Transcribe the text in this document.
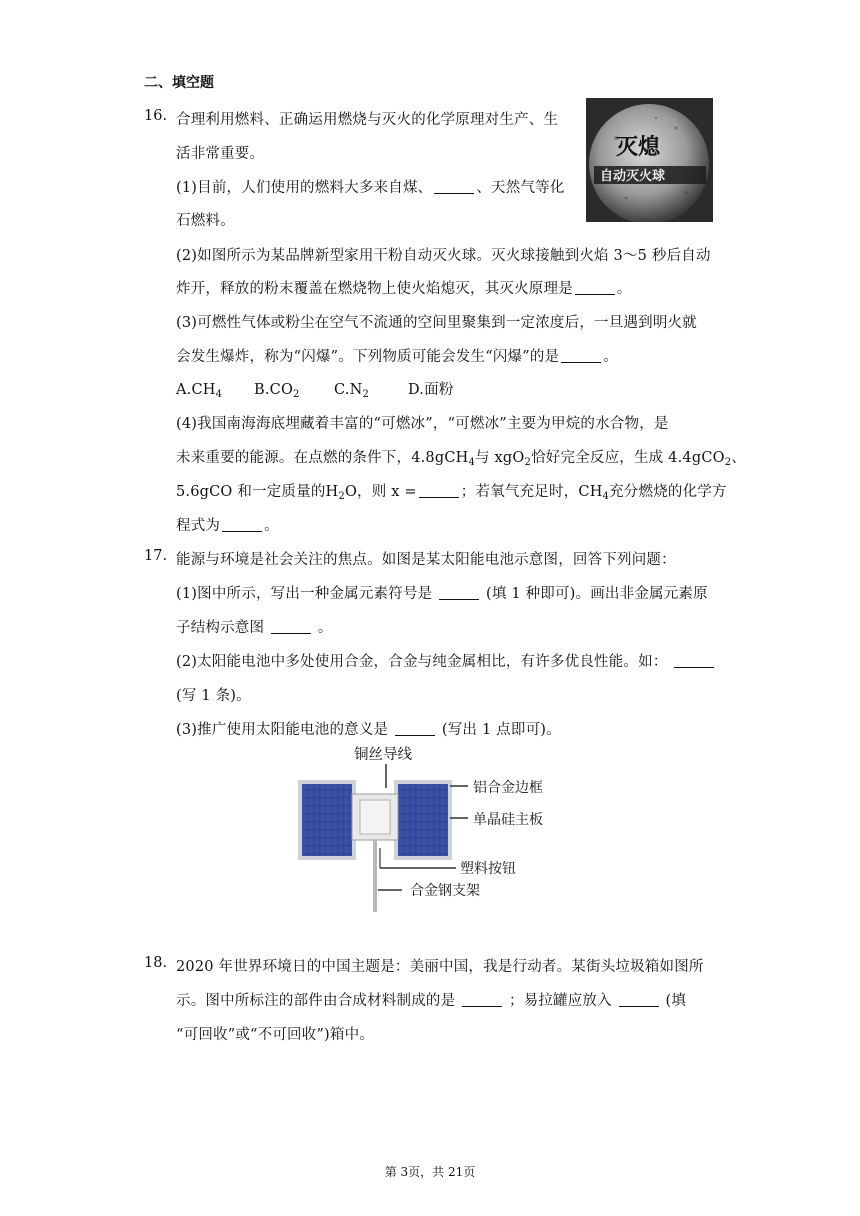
二、填空题
16. 合理利用燃料、正确运用燃烧与灭火的化学原理对生产、生
活非常重要。
(1)目前，人们使用的燃料大多来自煤、	、天然气等化
石燃料。
(2)如图所示为某品牌新型家用干粉自动灭火球。灭火球接触到火焰 3～5 秒后自动
炸开，释放的粉末覆盖在燃烧物上使火焰熄灭，其灭火原理是	。
(3)可燃性气体或粉尘在空气不流通的空间里聚集到一定浓度后，一旦遇到明火就
会发生爆炸，称为“闪爆”。下列物质可能会发生“闪爆”的是	。
$A.CH_4$ $B.CO_2$ $C.N_2$	D.面粉
(4)我国南海海底埋藏着丰富的“可燃冰”，“可燃冰”主要为甲烷的水合物，是
未来重要的能源。在点燃的条件下，4.8gCH$_4$与 xgO$_2$恰好完全反应，生成 4.4gCO$_2$、
5.6gCO 和一定质量的$H_2O$，则 x =	；若氧气充足时，$CH_4$充分燃烧的化学方
程式为	。
灭熄
自动灭火球
17. 能源与环境是社会关注的焦点。如图是某太阳能电池示意图，回答下列问题：
(1)图中所示，写出一种金属元素符号是	(填 1 种即可)。画出非金属元素原
子结构示意图	。
(2)太阳能电池中多处使用合金，合金与纯金属相比，有许多优良性能。如：
(写 1 条)。
(3)推广使用太阳能电池的意义是	(写出 1 点即可)。
铜丝导线
铝合金边框
单晶硅主板
塑料按钮
合金钢支架
18. 2020 年世界环境日的中国主题是：美丽中国，我是行动者。某街头垃圾箱如图所
示。图中所标注的部件由合成材料制成的是	；易拉罐应放入	(填
“可回收”或“不可回收”)箱中。
第 3页，共 21页
